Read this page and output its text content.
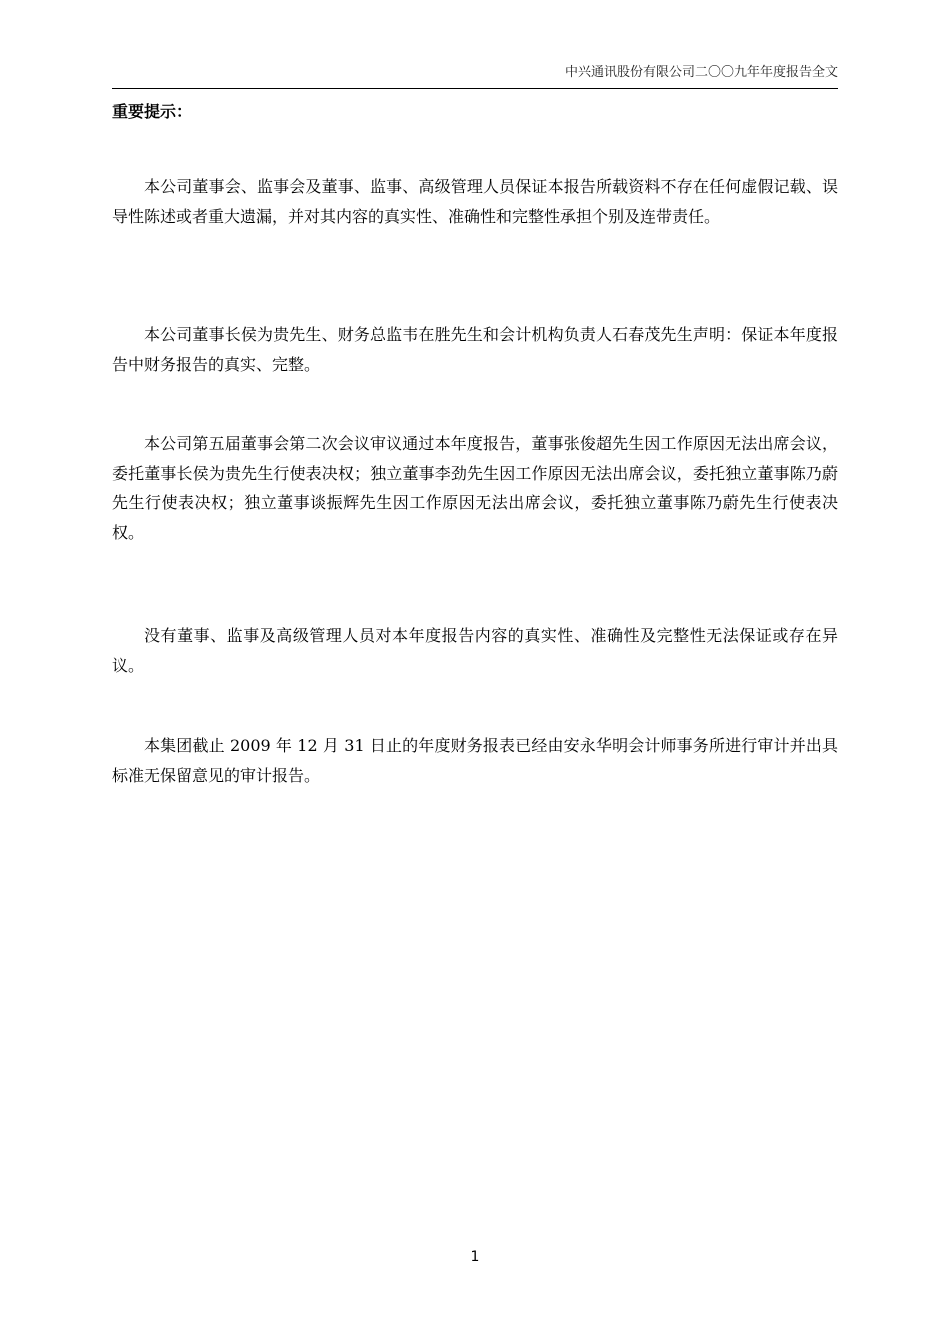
中兴通讯股份有限公司二〇〇九年年度报告全文
重要提示：

本公司董事会、监事会及董事、监事、高级管理人员保证本报告所载资料不存在任何虚假记载、误导性陈述或者重大遗漏，并对其内容的真实性、准确性和完整性承担个别及连带责任。

本公司董事长侯为贵先生、财务总监韦在胜先生和会计机构负责人石春茂先生声明：保证本年度报告中财务报告的真实、完整。

本公司第五届董事会第二次会议审议通过本年度报告，董事张俊超先生因工作原因无法出席会议，委托董事长侯为贵先生行使表决权；独立董事李劲先生因工作原因无法出席会议，委托独立董事陈乃蔚先生行使表决权；独立董事谈振辉先生因工作原因无法出席会议，委托独立董事陈乃蔚先生行使表决权。

没有董事、监事及高级管理人员对本年度报告内容的真实性、准确性及完整性无法保证或存在异议。

本集团截止 2009 年 12 月 31 日止的年度财务报表已经由安永华明会计师事务所进行审计并出具标准无保留意见的审计报告。

1
